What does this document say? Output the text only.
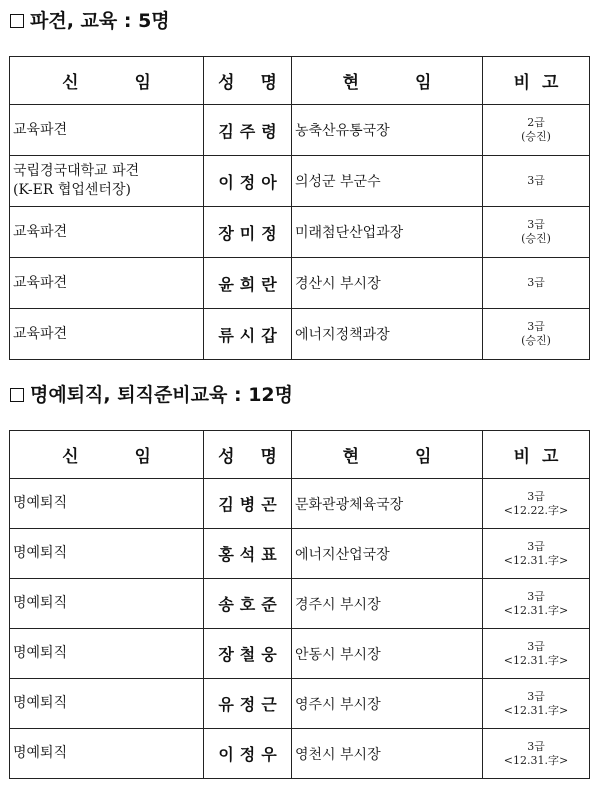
파견, 교육 : 5명
신 임	성 명	현 임	비 고
교육파견	김주령	농축산유통국장	2급
(승진)

국립경국대학교 파견
(K-ER 협업센터장)	이정아	의성군 부군수	3급

교육파견	장미정	미래첨단산업과장	3급
(승진)

교육파견	윤희란	경산시 부시장	3급

교육파견	류시갑	에너지정책과장	3급
(승진)
명예퇴직, 퇴직준비교육 : 12명
신 임	성 명	현 임	비 고
명예퇴직	김병곤	문화관광체육국장	3급
<12.22.字>

명예퇴직	홍석표	에너지산업국장	3급
<12.31.字>

명예퇴직	송호준	경주시 부시장	3급
<12.31.字>

명예퇴직	장철웅	안동시 부시장	3급
<12.31.字>

명예퇴직	유정근	영주시 부시장	3급
<12.31.字>

명예퇴직	이정우	영천시 부시장	3급
<12.31.字>
